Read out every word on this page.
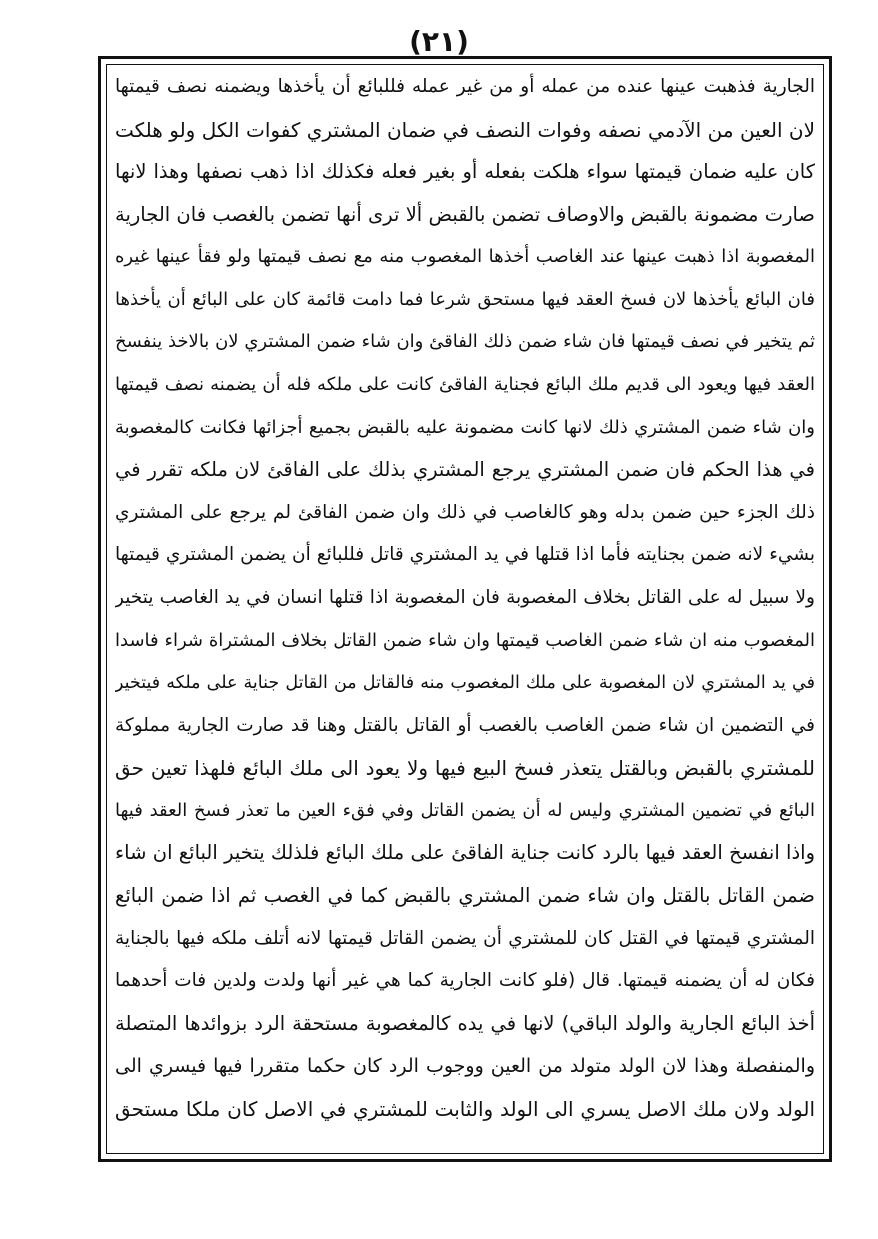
(٢١)
الجارية فذهبت عينها عنده من عمله أو من غير عمله فللبائع أن يأخذها ويضمنه نصف قيمتها
لان العين من الآدمي نصفه وفوات النصف في ضمان المشتري كفوات الكل ولو هلكت
كان عليه ضمان قيمتها سواء هلكت بفعله أو بغير فعله فكذلك اذا ذهب نصفها وهذا لانها
صارت مضمونة بالقبض والاوصاف تضمن بالقبض ألا ترى أنها تضمن بالغصب فان الجارية
المغصوبة اذا ذهبت عينها عند الغاصب أخذها المغصوب منه مع نصف قيمتها ولو فقأ عينها غيره
فان البائع يأخذها لان فسخ العقد فيها مستحق شرعا فما دامت قائمة كان على البائع أن يأخذها
ثم يتخير في نصف قيمتها فان شاء ضمن ذلك الفاقئ وان شاء ضمن المشتري لان بالاخذ ينفسخ
العقد فيها ويعود الى قديم ملك البائع فجناية الفاقئ كانت على ملكه فله أن يضمنه نصف قيمتها
وان شاء ضمن المشتري ذلك لانها كانت مضمونة عليه بالقبض بجميع أجزائها فكانت كالمغصوبة
في هذا الحكم فان ضمن المشتري يرجع المشتري بذلك على الفاقئ لان ملكه تقرر في
ذلك الجزء حين ضمن بدله وهو كالغاصب في ذلك وان ضمن الفاقئ لم يرجع على المشتري
بشيء لانه ضمن بجنايته فأما اذا قتلها في يد المشتري قاتل فللبائع أن يضمن المشتري قيمتها
ولا سبيل له على القاتل بخلاف المغصوبة فان المغصوبة اذا قتلها انسان في يد الغاصب يتخير
المغصوب منه ان شاء ضمن الغاصب قيمتها وان شاء ضمن القاتل بخلاف المشتراة شراء فاسدا
في يد المشتري لان المغصوبة على ملك المغصوب منه فالقاتل من القاتل جناية على ملكه فيتخير
في التضمين ان شاء ضمن الغاصب بالغصب أو القاتل بالقتل وهنا قد صارت الجارية مملوكة
للمشتري بالقبض وبالقتل يتعذر فسخ البيع فيها ولا يعود الى ملك البائع فلهذا تعين حق
البائع في تضمين المشتري وليس له أن يضمن القاتل وفي فقء العين ما تعذر فسخ العقد فيها
واذا انفسخ العقد فيها بالرد كانت جناية الفاقئ على ملك البائع فلذلك يتخير البائع ان شاء
ضمن القاتل بالقتل وان شاء ضمن المشتري بالقبض كما في الغصب ثم اذا ضمن البائع
المشتري قيمتها في القتل كان للمشتري أن يضمن القاتل قيمتها لانه أتلف ملكه فيها بالجناية
فكان له أن يضمنه قيمتها. قال (فلو كانت الجارية كما هي غير أنها ولدت ولدين فات أحدهما
أخذ البائع الجارية والولد الباقي) لانها في يده كالمغصوبة مستحقة الرد بزوائدها المتصلة
والمنفصلة وهذا لان الولد متولد من العين ووجوب الرد كان حكما متقررا فيها فيسري الى
الولد ولان ملك الاصل يسري الى الولد والثابت للمشتري في الاصل كان ملكا مستحق
